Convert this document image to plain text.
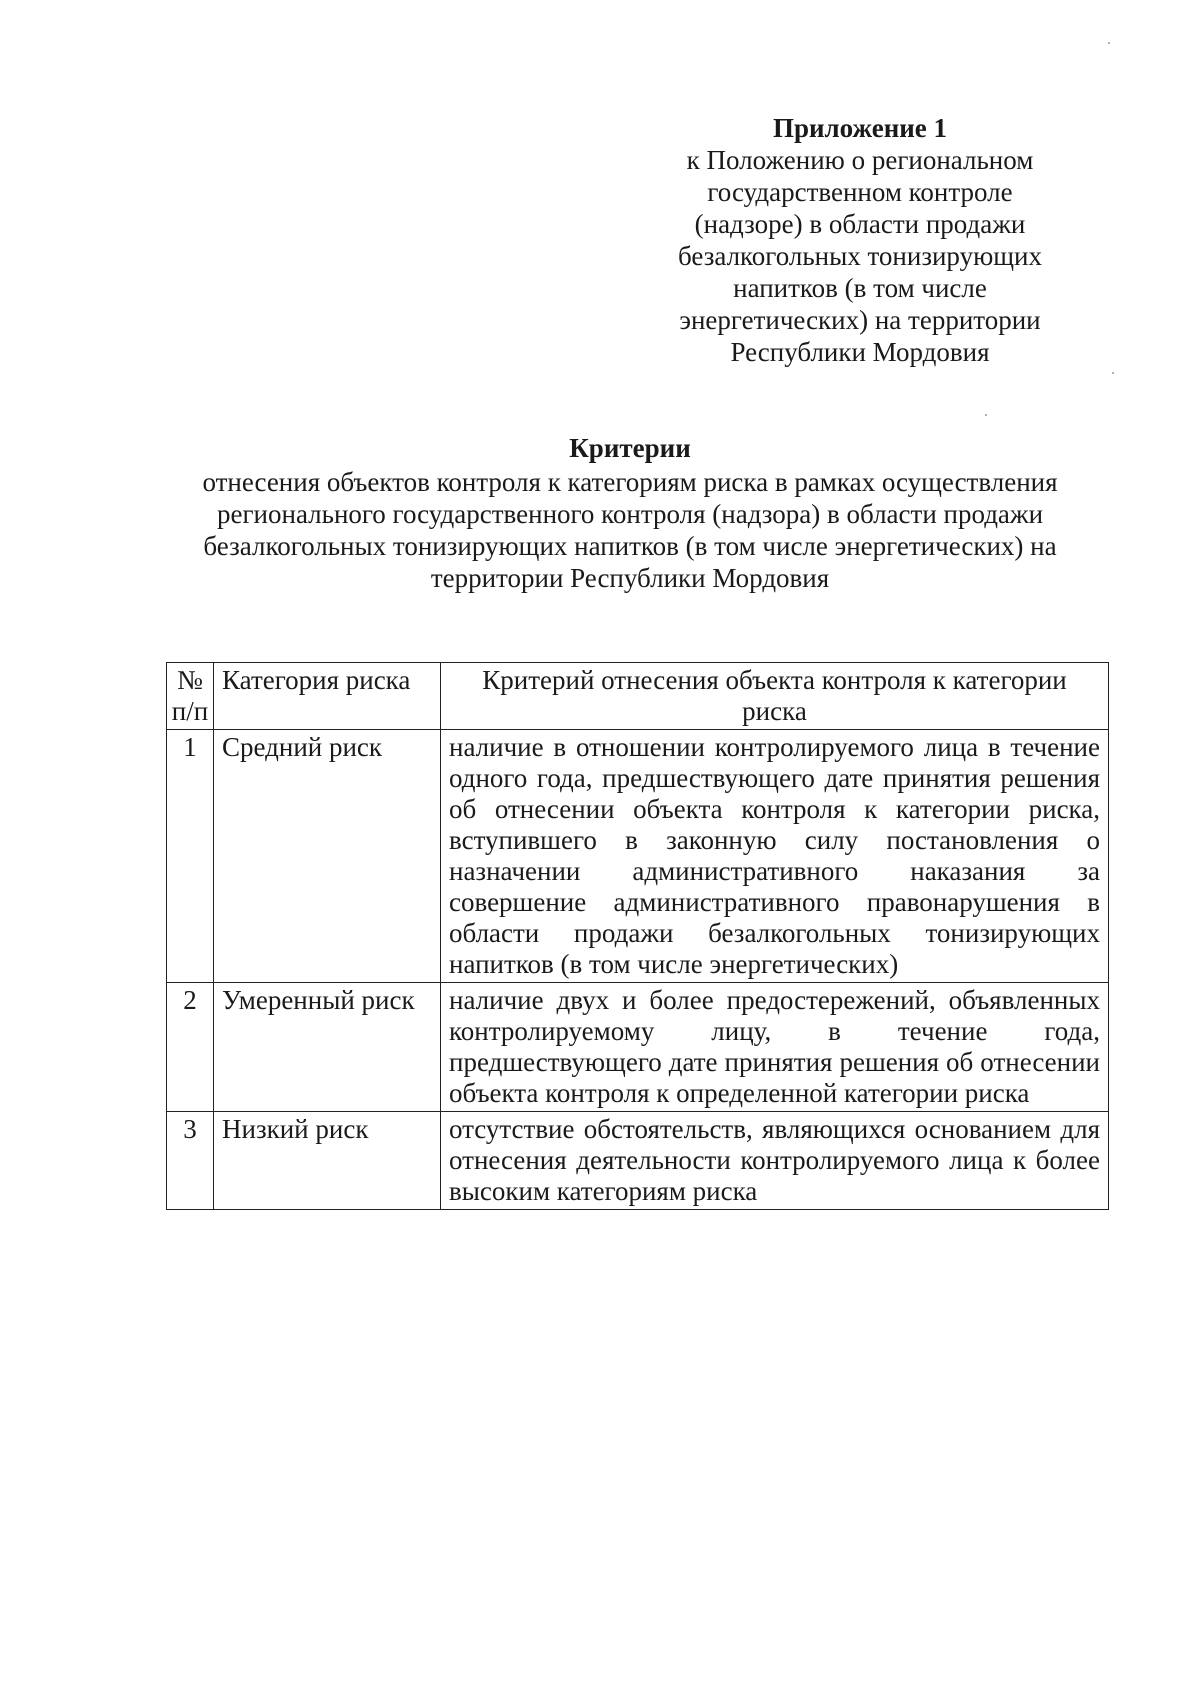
Приложение 1
к Положению о региональном
государственном контроле
(надзоре) в области продажи
безалкогольных тонизирующих
напитков (в том числе
энергетических) на территории
Республики Мордовия
Критерии
отнесения объектов контроля к категориям риска в рамках осуществления
регионального государственного контроля (надзора) в области продажи
безалкогольных тонизирующих напитков (в том числе энергетических) на
территории Республики Мордовия
№ п/п	Категория риска	Критерий отнесения объекта контроля к категории риска
1	Средний риск	наличие в отношении контролируемого лица в течение одного года, предшествующего дате принятия решения об отнесении объекта контроля к категории риска, вступившего в законную силу постановления о назначении административного наказания за совершение административного правонарушения в области продажи безалкогольных тонизирующих напитков (в том числе энергетических)
2	Умеренный риск	наличие двух и более предостережений, объявленных контролируемому лицу, в течение года, предшествующего дате принятия решения об отнесении объекта контроля к определенной категории риска
3	Низкий риск	отсутствие обстоятельств, являющихся основанием для отнесения деятельности контролируемого лица к более высоким категориям риска
